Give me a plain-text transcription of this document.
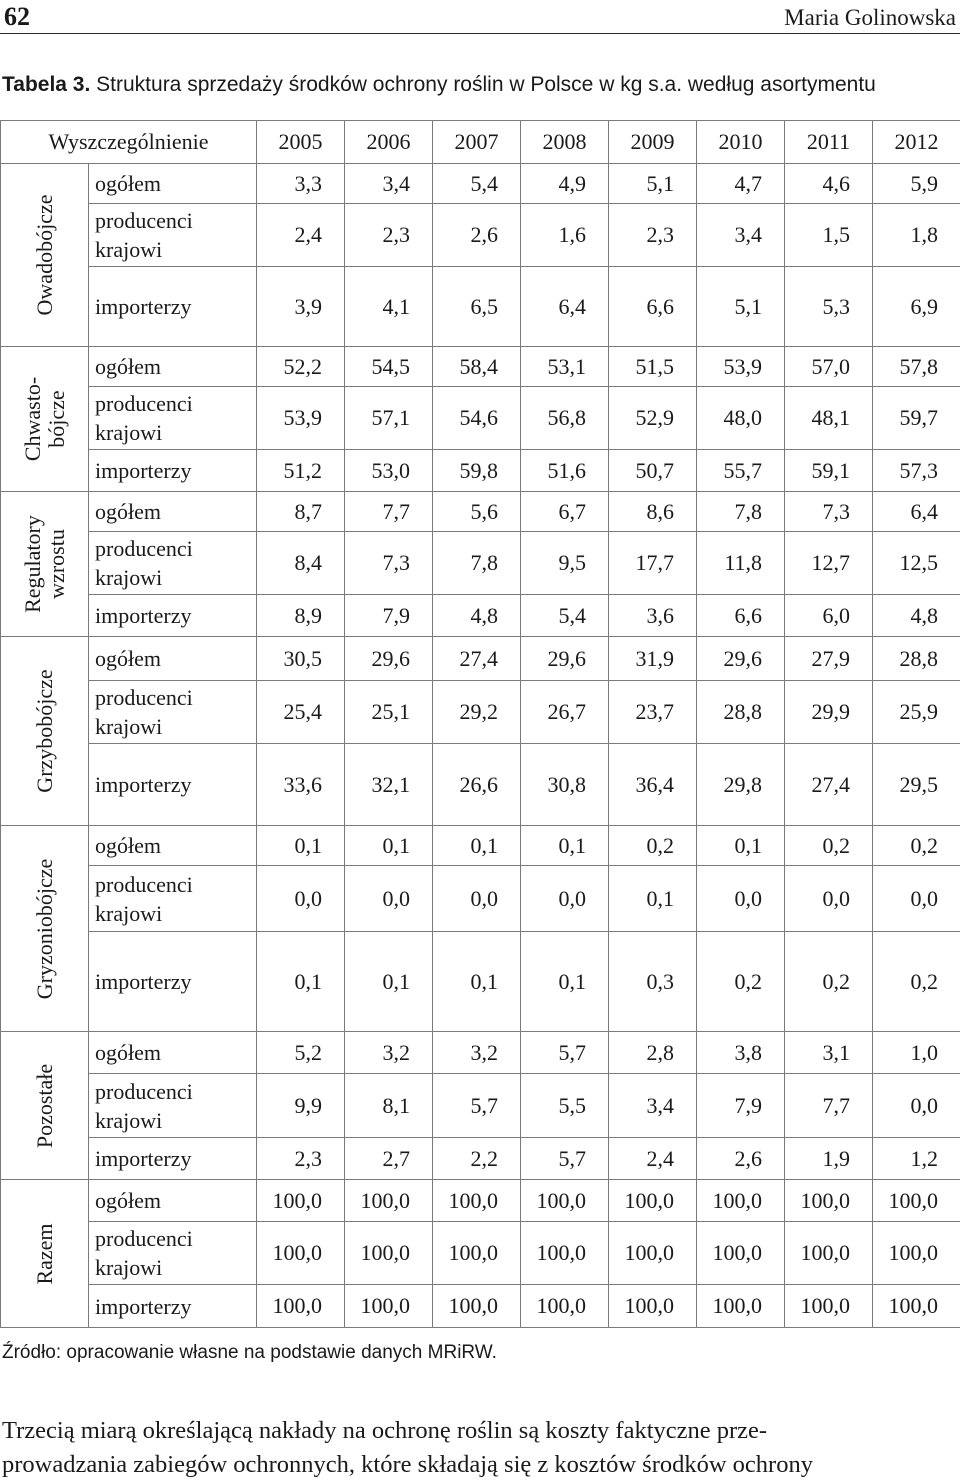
62	Maria Golinowska
Tabela 3. Struktura sprzedaży środków ochrony roślin w Polsce w kg s.a. według asortymentu
Wyszczególnienie		2005	2006	2007	2008	2009	2010	2011	2012

Owadobójcze	ogółem	3,3	3,4	5,4	4,9	5,1	4,7	4,6	5,9
	producenci krajowi	2,4	2,3	2,6	1,6	2,3	3,4	1,5	1,8
	importerzy	3,9	4,1	6,5	6,4	6,6	5,1	5,3	6,9

Chwasto- bójcze	ogółem	52,2	54,5	58,4	53,1	51,5	53,9	57,0	57,8
	producenci krajowi	53,9	57,1	54,6	56,8	52,9	48,0	48,1	59,7
	importerzy	51,2	53,0	59,8	51,6	50,7	55,7	59,1	57,3

Regulatory wzrostu	ogółem	8,7	7,7	5,6	6,7	8,6	7,8	7,3	6,4
	producenci krajowi	8,4	7,3	7,8	9,5	17,7	11,8	12,7	12,5
	importerzy	8,9	7,9	4,8	5,4	3,6	6,6	6,0	4,8

Grzybobójcze	ogółem	30,5	29,6	27,4	29,6	31,9	29,6	27,9	28,8
	producenci krajowi	25,4	25,1	29,2	26,7	23,7	28,8	29,9	25,9
	importerzy	33,6	32,1	26,6	30,8	36,4	29,8	27,4	29,5

Gryzoniobójcze	ogółem	0,1	0,1	0,1	0,1	0,2	0,1	0,2	0,2
	producenci krajowi	0,0	0,0	0,0	0,0	0,1	0,0	0,0	0,0
	importerzy	0,1	0,1	0,1	0,1	0,3	0,2	0,2	0,2

Pozostałe	ogółem	5,2	3,2	3,2	5,7	2,8	3,8	3,1	1,0
	producenci krajowi	9,9	8,1	5,7	5,5	3,4	7,9	7,7	0,0
	importerzy	2,3	2,7	2,2	5,7	2,4	2,6	1,9	1,2

Razem	ogółem	100,0	100,0	100,0	100,0	100,0	100,0	100,0	100,0
	producenci krajowi	100,0	100,0	100,0	100,0	100,0	100,0	100,0	100,0
	importerzy	100,0	100,0	100,0	100,0	100,0	100,0	100,0	100,0
Źródło: opracowanie własne na podstawie danych MRiRW.
Trzecią miarą określającą nakłady na ochronę roślin są koszty faktyczne prze-
prowadzania zabiegów ochronnych, które składają się z kosztów środków ochrony
